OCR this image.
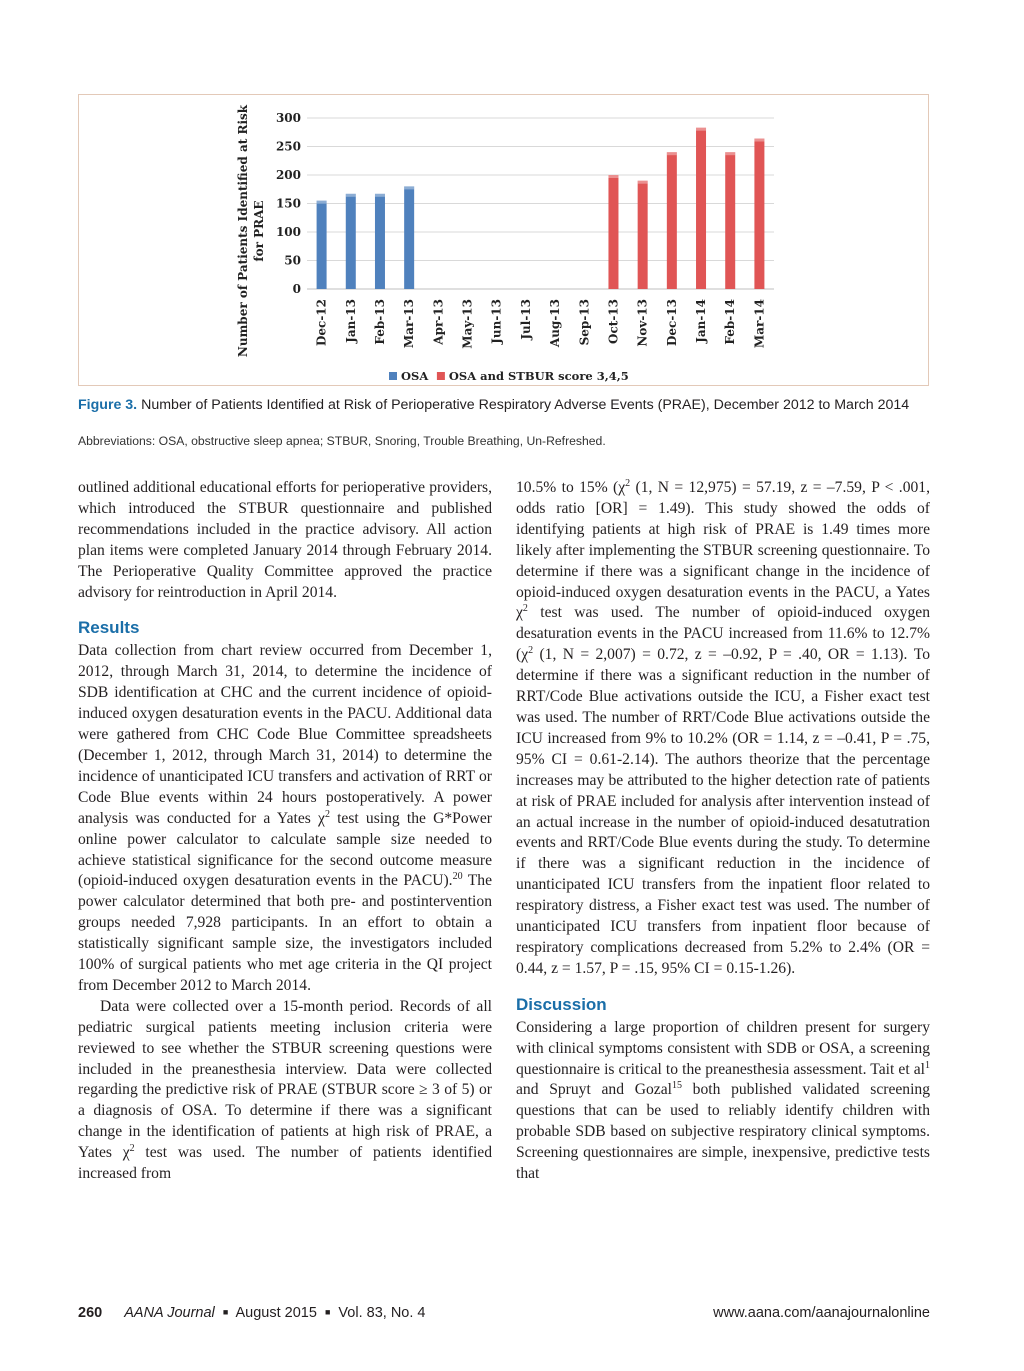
0
50
100
150
200
250
300
Number of Patients Identified at Risk for PRAE
Dec-12 Jan-13 Feb-13 Mar-13 Apr-13 May-13 Jun-13 Jul-13 Aug-13 Sep-13 Oct-13 Nov-13 Dec-13 Jan-14 Feb-14 Mar-14
OSA OSA and STBUR score 3,4,5
Figure 3. Number of Patients Identified at Risk of Perioperative Respiratory Adverse Events (PRAE), December 2012 to March 2014
Abbreviations: OSA, obstructive sleep apnea; STBUR, Snoring, Trouble Breathing, Un-Refreshed.

outlined additional educational efforts for perioperative providers, which introduced the STBUR questionnaire and published recommendations included in the practice advisory. All action plan items were completed January 2014 through February 2014. The Perioperative Quality Committee approved the practice advisory for reintroduction in April 2014.

Results

Data collection from chart review occurred from December 1, 2012, through March 31, 2014, to determine the incidence of SDB identification at CHC and the current incidence of opioid-induced oxygen desaturation events in the PACU. Additional data were gathered from CHC Code Blue Committee spreadsheets (December 1, 2012, through March 31, 2014) to determine the incidence of unanticipated ICU transfers and activation of RRT or Code Blue events within 24 hours postoperatively. A power analysis was conducted for a Yates $\chi^2$ test using the G*Power online power calculator to calculate sample size needed to achieve statistical significance for the second outcome measure (opioid-induced oxygen desaturation events in the PACU).$^{20}$ The power calculator determined that both pre- and postintervention groups needed 7,928 participants. In an effort to obtain a statistically significant sample size, the investigators included 100% of surgical patients who met age criteria in the QI project from December 2012 to March 2014.

Data were collected over a 15-month period. Records of all pediatric surgical patients meeting inclusion criteria were reviewed to see whether the STBUR screening questions were included in the preanesthesia interview. Data were collected regarding the predictive risk of PRAE (STBUR score ≥ 3 of 5) or a diagnosis of OSA. To determine if there was a significant change in the identification of patients at high risk of PRAE, a Yates $\chi^2$ test was used. The number of patients identified increased from

10.5% to 15% ($\chi^2$ (1, N = 12,975) = 57.19, z = –7.59, P < .001, odds ratio [OR] = 1.49). This study showed the odds of identifying patients at high risk of PRAE is 1.49 times more likely after implementing the STBUR screening questionnaire. To determine if there was a significant change in the incidence of opioid-induced oxygen desaturation events in the PACU, a Yates $\chi^2$ test was used. The number of opioid-induced oxygen desaturation events in the PACU increased from 11.6% to 12.7% ($\chi^2$ (1, N = 2,007) = 0.72, z = –0.92, P = .40, OR = 1.13). To determine if there was a significant reduction in the number of RRT/Code Blue activations outside the ICU, a Fisher exact test was used. The number of RRT/Code Blue activations outside the ICU increased from 9% to 10.2% (OR = 1.14, z = –0.41, P = .75, 95% CI = 0.61-2.14). The authors theorize that the percentage increases may be attributed to the higher detection rate of patients at risk of PRAE included for analysis after intervention instead of an actual increase in the number of opioid-induced desatutration events and RRT/Code Blue events during the study. To determine if there was a significant reduction in the incidence of unanticipated ICU transfers from the inpatient floor related to respiratory distress, a Fisher exact test was used. The number of unanticipated ICU transfers from inpatient floor because of respiratory complications decreased from 5.2% to 2.4% (OR = 0.44, z = 1.57, P = .15, 95% CI = 0.15-1.26).

Discussion

Considering a large proportion of children present for surgery with clinical symptoms consistent with SDB or OSA, a screening questionnaire is critical to the preanesthesia assessment. Tait et $al^1$ and Spruyt and Gozal$^{15}$ both published validated screening questions that can be used to reliably identify children with probable SDB based on subjective respiratory clinical symptoms. Screening questionnaires are simple, inexpensive, predictive tests that

260 AANA Journal ■ August 2015 ■ Vol. 83, No. 4	www.aana.com/aanajournalonline
